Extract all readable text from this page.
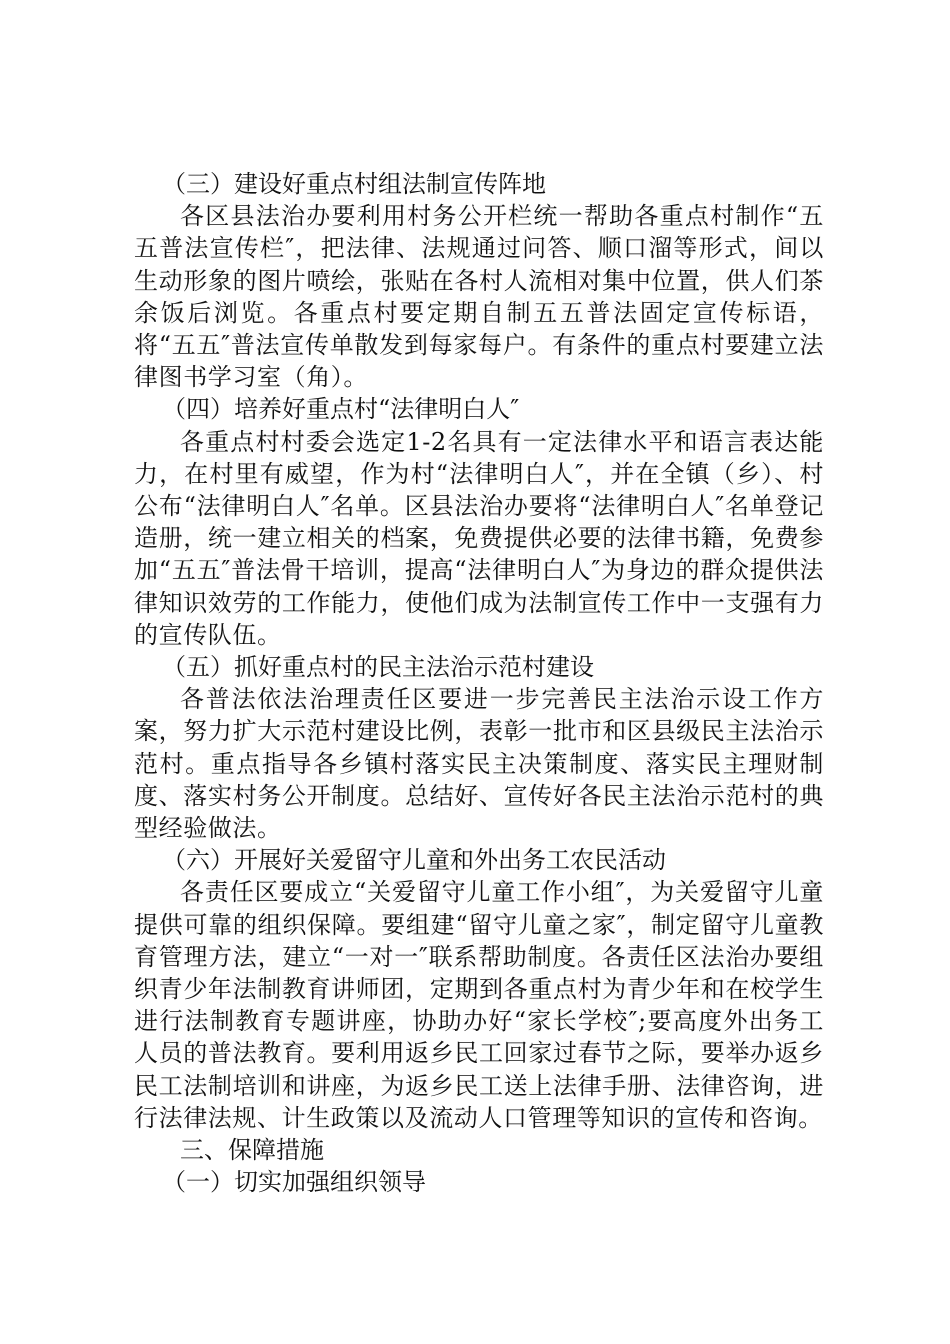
（三）建设好重点村组法制宣传阵地

各区县法治办要利用村务公开栏统一帮助各重点村制作“五五普法宣传栏″，把法律、法规通过问答、顺口溜等形式，间以生动形象的图片喷绘，张贴在各村人流相对集中位置，供人们茶余饭后浏览。各重点村要定期自制五五普法固定宣传标语，将“五五″普法宣传单散发到每家每户。有条件的重点村要建立法律图书学习室（角）。

（四）培养好重点村“法律明白人″

各重点村村委会选定1-2名具有一定法律水平和语言表达能力，在村里有威望，作为村“法律明白人″，并在全镇（乡）、村公布“法律明白人″名单。区县法治办要将“法律明白人″名单登记造册，统一建立相关的档案，免费提供必要的法律书籍，免费参加“五五″普法骨干培训，提高“法律明白人″为身边的群众提供法律知识效劳的工作能力，使他们成为法制宣传工作中一支强有力的宣传队伍。

（五）抓好重点村的民主法治示范村建设

各普法依法治理责任区要进一步完善民主法治示设工作方案，努力扩大示范村建设比例，表彰一批市和区县级民主法治示范村。重点指导各乡镇村落实民主决策制度、落实民主理财制度、落实村务公开制度。总结好、宣传好各民主法治示范村的典型经验做法。

（六）开展好关爱留守儿童和外出务工农民活动

各责任区要成立“关爱留守儿童工作小组″，为关爱留守儿童提供可靠的组织保障。要组建“留守儿童之家″，制定留守儿童教育管理方法，建立“一对一″联系帮助制度。各责任区法治办要组织青少年法制教育讲师团，定期到各重点村为青少年和在校学生进行法制教育专题讲座，协助办好“家长学校″;要高度外出务工人员的普法教育。要利用返乡民工回家过春节之际，要举办返乡民工法制培训和讲座，为返乡民工送上法律手册、法律咨询，进行法律法规、计生政策以及流动人口管理等知识的宣传和咨询。

三、保障措施

（一）切实加强组织领导
